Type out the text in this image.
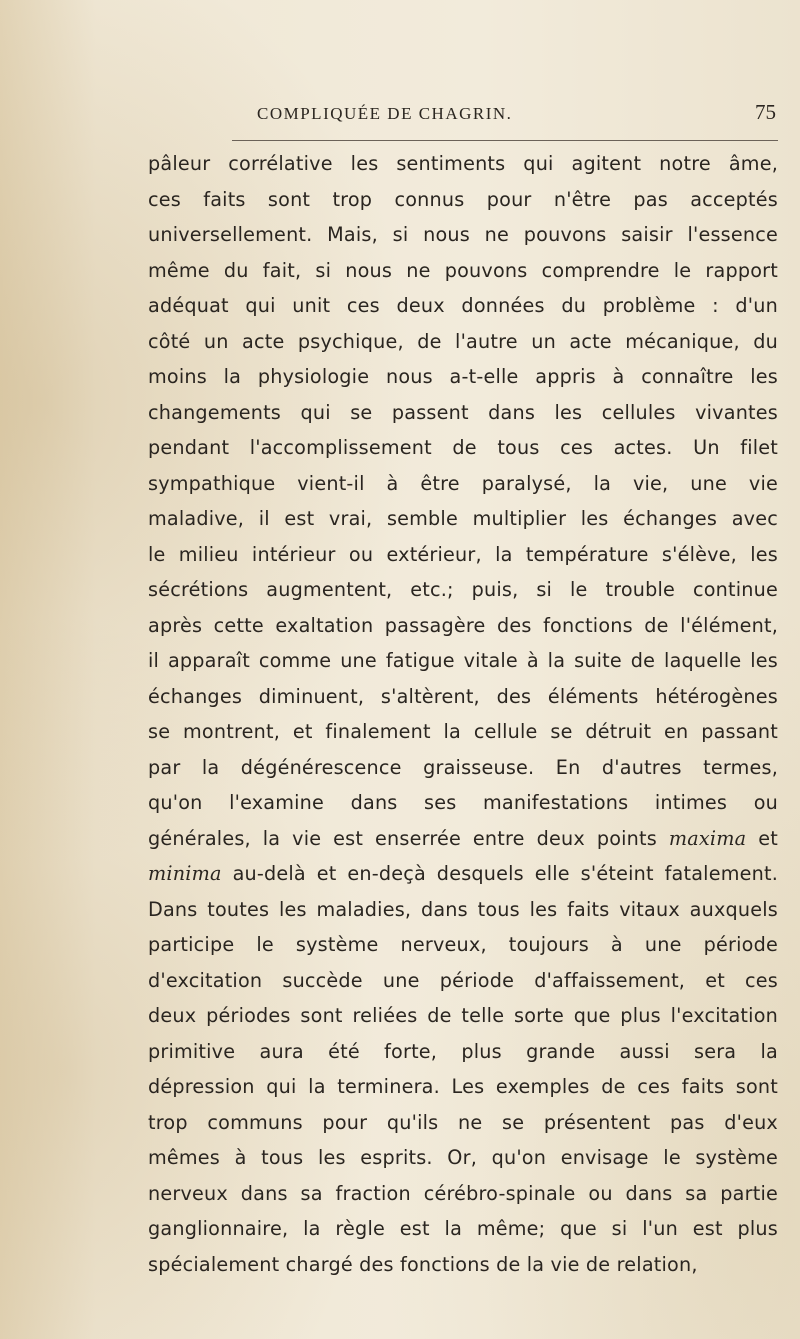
COMPLIQUÉE DE CHAGRIN.	75
pâleur corrélative les sentiments qui agitent notre âme,
ces faits sont trop connus pour n'être pas acceptés
universellement. Mais, si nous ne pouvons saisir l'essence
même du fait, si nous ne pouvons comprendre le rapport
adéquat qui unit ces deux données du problème : d'un
côté un acte psychique, de l'autre un acte mécanique, du
moins la physiologie nous a-t-elle appris à connaître les
changements qui se passent dans les cellules vivantes
pendant l'accomplissement de tous ces actes. Un filet
sympathique vient-il à être paralysé, la vie, une vie
maladive, il est vrai, semble multiplier les échanges avec
le milieu intérieur ou extérieur, la température s'élève, les
sécrétions augmentent, etc.; puis, si le trouble continue
après cette exaltation passagère des fonctions de l'élément,
il apparaît comme une fatigue vitale à la suite de laquelle les
échanges diminuent, s'altèrent, des éléments hétérogènes
se montrent, et finalement la cellule se détruit en passant
par la dégénérescence graisseuse. En d'autres termes,
qu'on l'examine dans ses manifestations intimes ou
générales, la vie est enserrée entre deux points maxima et
minima au-delà et en-deçà desquels elle s'éteint fatalement.
Dans toutes les maladies, dans tous les faits vitaux auxquels
participe le système nerveux, toujours à une période
d'excitation succède une période d'affaissement, et ces
deux périodes sont reliées de telle sorte que plus l'excitation
primitive aura été forte, plus grande aussi sera la
dépression qui la terminera. Les exemples de ces faits sont
trop communs pour qu'ils ne se présentent pas d'eux
mêmes à tous les esprits. Or, qu'on envisage le système
nerveux dans sa fraction cérébro-spinale ou dans sa partie
ganglionnaire, la règle est la même; que si l'un est plus
spécialement chargé des fonctions de la vie de relation,
